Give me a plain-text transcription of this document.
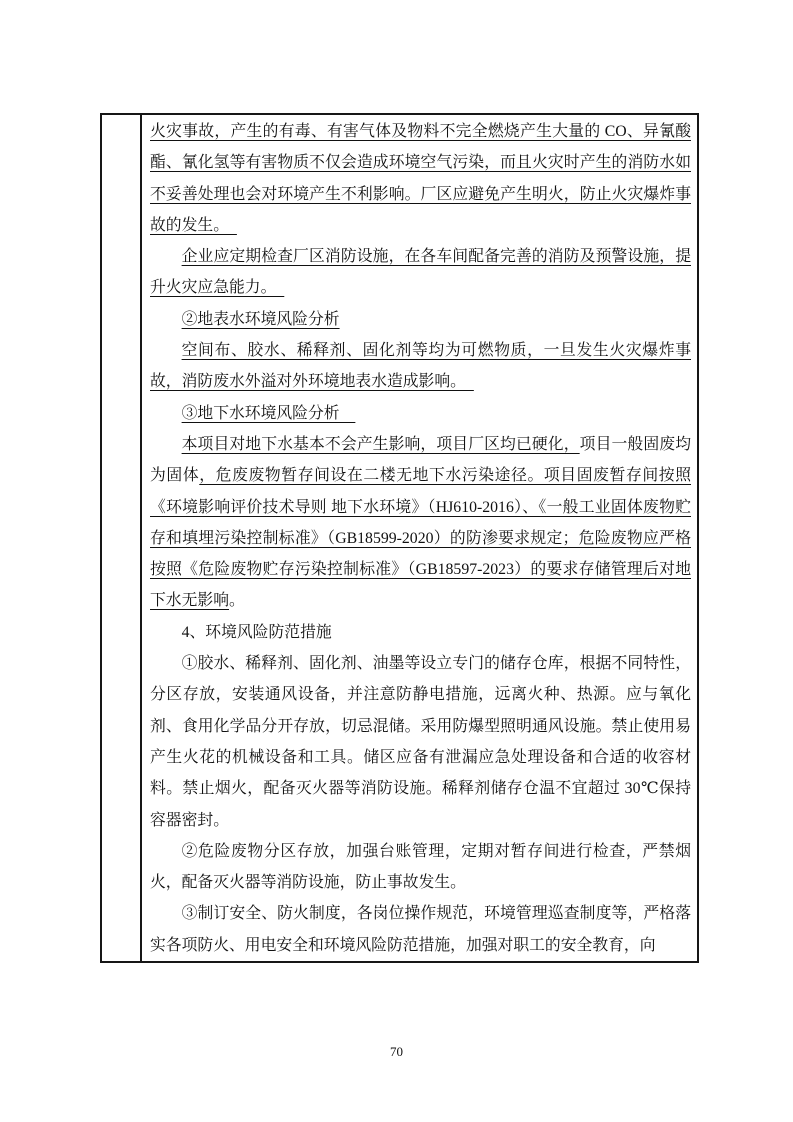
火灾事故，产生的有毒、有害气体及物料不完全燃烧产生大量的 CO、异氰酸酯、氰化氢等有害物质不仅会造成环境空气污染，而且火灾时产生的消防水如不妥善处理也会对环境产生不利影响。厂区应避免产生明火，防止火灾爆炸事故的发生。　

企业应定期检查厂区消防设施，在各车间配备完善的消防及预警设施，提升火灾应急能力。　

②地表水环境风险分析

空间布、胶水、稀释剂、固化剂等均为可燃物质，一旦发生火灾爆炸事故，消防废水外溢对外环境地表水造成影响。　

③地下水环境风险分析　

本项目对地下水基本不会产生影响，项目厂区均已硬化，项目一般固废均为固体，危废废物暂存间设在二楼无地下水污染途径。项目固废暂存间按照《环境影响评价技术导则 地下水环境》（HJ610-2016）、《一般工业固体废物贮存和填埋污染控制标准》（GB18599-2020）的防渗要求规定；危险废物应严格按照《危险废物贮存污染控制标准》（GB18597-2023）的要求存储管理后对地下水无影响。

4、环境风险防范措施

①胶水、稀释剂、固化剂、油墨等设立专门的储存仓库，根据不同特性，分区存放，安装通风设备，并注意防静电措施，远离火种、热源。应与氧化剂、食用化学品分开存放，切忌混储。采用防爆型照明通风设施。禁止使用易产生火花的机械设备和工具。储区应备有泄漏应急处理设备和合适的收容材料。禁止烟火，配备灭火器等消防设施。稀释剂储存仓温不宜超过 30℃保持容器密封。

②危险废物分区存放，加强台账管理，定期对暂存间进行检查，严禁烟火，配备灭火器等消防设施，防止事故发生。

③制订安全、防火制度，各岗位操作规范，环境管理巡查制度等，严格落实各项防火、用电安全和环境风险防范措施，加强对职工的安全教育，向

70
